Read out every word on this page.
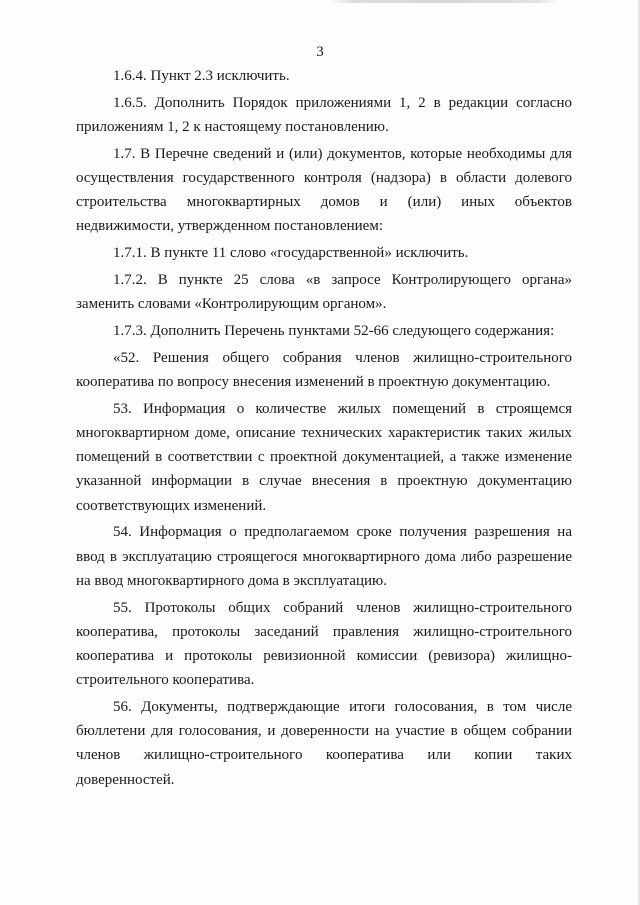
3

1.6.4. Пункт 2.3 исключить.

1.6.5. Дополнить Порядок приложениями 1, 2 в редакции согласно приложениям 1, 2 к настоящему постановлению.

1.7. В Перечне сведений и (или) документов, которые необходимы для осуществления государственного контроля (надзора) в области долевого строительства многоквартирных домов и (или) иных объектов недвижимости, утвержденном постановлением:

1.7.1. В пункте 11 слово «государственной» исключить.

1.7.2. В пункте 25 слова «в запросе Контролирующего органа» заменить словами «Контролирующим органом».

1.7.3. Дополнить Перечень пунктами 52-66 следующего содержания:

«52. Решения общего собрания членов жилищно-строительного кооператива по вопросу внесения изменений в проектную документацию.

53. Информация о количестве жилых помещений в строящемся многоквартирном доме, описание технических характеристик таких жилых помещений в соответствии с проектной документацией, а также изменение указанной информации в случае внесения в проектную документацию соответствующих изменений.

54. Информация о предполагаемом сроке получения разрешения на ввод в эксплуатацию строящегося многоквартирного дома либо разрешение на ввод многоквартирного дома в эксплуатацию.

55. Протоколы общих собраний членов жилищно-строительного кооператива, протоколы заседаний правления жилищно-строительного кооператива и протоколы ревизионной комиссии (ревизора) жилищно-строительного кооператива.

56. Документы, подтверждающие итоги голосования, в том числе бюллетени для голосования, и доверенности на участие в общем собрании членов жилищно-строительного кооператива или копии таких доверенностей.
